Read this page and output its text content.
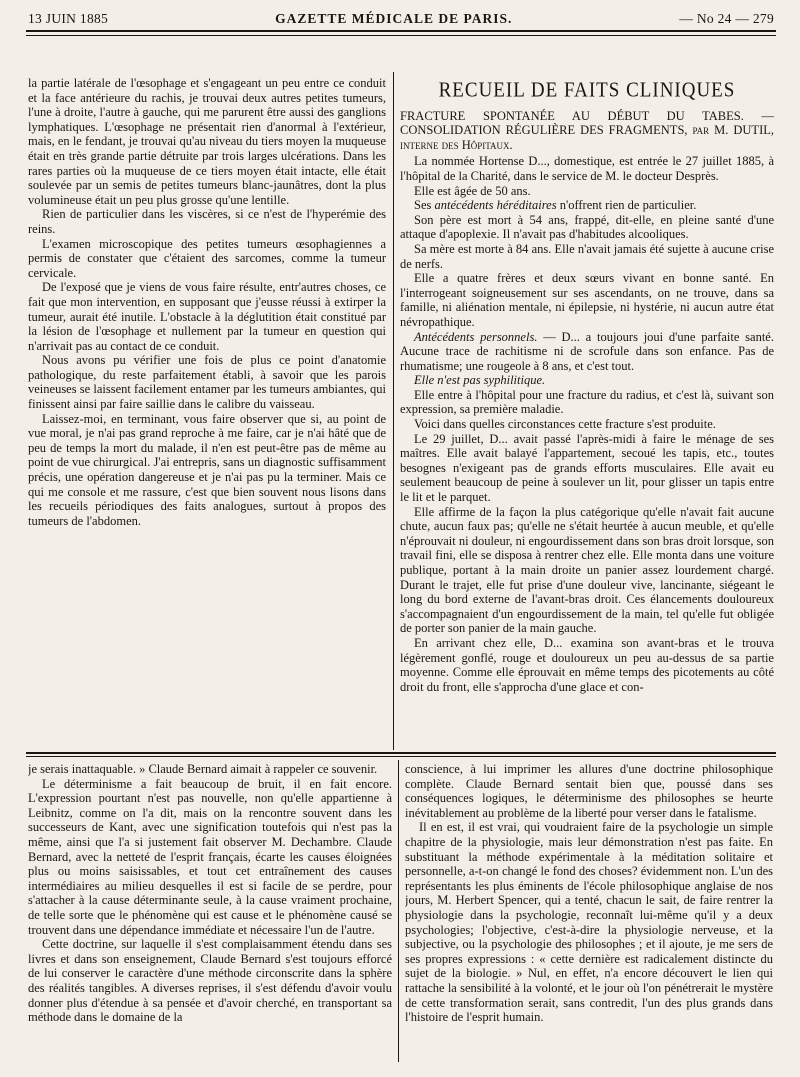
13 JUIN 1885	GAZETTE MÉDICALE DE PARIS.	— No 24 — 279

la partie latérale de l'œsophage et s'engageant un peu entre ce conduit et la face antérieure du rachis, je trouvai deux autres petites tumeurs, l'une à droite, l'autre à gauche, qui me parurent être aussi des ganglions lymphatiques. L'œsophage ne présentait rien d'anormal à l'extérieur, mais, en le fendant, je trouvai qu'au niveau du tiers moyen la muqueuse était en très grande partie détruite par trois larges ulcérations. Dans les rares parties où la muqueuse de ce tiers moyen était intacte, elle était soulevée par un semis de petites tumeurs blanc-jaunâtres, dont la plus volumineuse était un peu plus grosse qu'une lentille.

Rien de particulier dans les viscères, si ce n'est de l'hyperémie des reins.

L'examen microscopique des petites tumeurs œsophagiennes a permis de constater que c'étaient des sarcomes, comme la tumeur cervicale.

De l'exposé que je viens de vous faire résulte, entr'autres choses, ce fait que mon intervention, en supposant que j'eusse réussi à extirper la tumeur, aurait été inutile. L'obstacle à la déglutition était constitué par la lésion de l'œsophage et nullement par la tumeur en question qui n'arrivait pas au contact de ce conduit.

Nous avons pu vérifier une fois de plus ce point d'anatomie pathologique, du reste parfaitement établi, à savoir que les parois veineuses se laissent facilement entamer par les tumeurs ambiantes, qui finissent ainsi par faire saillie dans le calibre du vaisseau.

Laissez-moi, en terminant, vous faire observer que si, au point de vue moral, je n'ai pas grand reproche à me faire, car je n'ai hâté que de peu de temps la mort du malade, il n'en est peut-être pas de même au point de vue chirurgical. J'ai entrepris, sans un diagnostic suffisamment précis, une opération dangereuse et je n'ai pas pu la terminer. Mais ce qui me console et me rassure, c'est que bien souvent nous lisons dans les recueils périodiques des faits analogues, surtout à propos des tumeurs de l'abdomen.

RECUEIL DE FAITS CLINIQUES

FRACTURE SPONTANÉE AU DÉBUT DU TABES. — CONSOLIDATION RÉGULIÈRE DES FRAGMENTS, par M. DUTIL, interne des Hôpitaux.

La nommée Hortense D..., domestique, est entrée le 27 juillet 1885, à l'hôpital de la Charité, dans le service de M. le docteur Desprès.

Elle est âgée de 50 ans.

Ses antécédents héréditaires n'offrent rien de particulier.

Son père est mort à 54 ans, frappé, dit-elle, en pleine santé d'une attaque d'apoplexie. Il n'avait pas d'habitudes alcooliques.

Sa mère est morte à 84 ans. Elle n'avait jamais été sujette à aucune crise de nerfs.

Elle a quatre frères et deux sœurs vivant en bonne santé. En l'interrogeant soigneusement sur ses ascendants, on ne trouve, dans sa famille, ni aliénation mentale, ni épilepsie, ni hystérie, ni aucun autre état névropathique.

Antécédents personnels. — D... a toujours joui d'une parfaite santé. Aucune trace de rachitisme ni de scrofule dans son enfance. Pas de rhumatisme; une rougeole à 8 ans, et c'est tout.

Elle n'est pas syphilitique.

Elle entre à l'hôpital pour une fracture du radius, et c'est là, suivant son expression, sa première maladie.

Voici dans quelles circonstances cette fracture s'est produite.

Le 29 juillet, D... avait passé l'après-midi à faire le ménage de ses maîtres. Elle avait balayé l'appartement, secoué les tapis, etc., toutes besognes n'exigeant pas de grands efforts musculaires. Elle avait eu seulement beaucoup de peine à soulever un lit, pour glisser un tapis entre le lit et le parquet.

Elle affirme de la façon la plus catégorique qu'elle n'avait fait aucune chute, aucun faux pas; qu'elle ne s'était heurtée à aucun meuble, et qu'elle n'éprouvait ni douleur, ni engourdissement dans son bras droit lorsque, son travail fini, elle se disposa à rentrer chez elle. Elle monta dans une voiture publique, portant à la main droite un panier assez lourdement chargé. Durant le trajet, elle fut prise d'une douleur vive, lancinante, siégeant le long du bord externe de l'avant-bras droit. Ces élancements douloureux s'accompagnaient d'un engourdissement de la main, tel qu'elle fut obligée de porter son panier de la main gauche.

En arrivant chez elle, D... examina son avant-bras et le trouva légèrement gonflé, rouge et douloureux un peu au-dessus de sa partie moyenne. Comme elle éprouvait en même temps des picotements au côté droit du front, elle s'approcha d'une glace et con-

je serais inattaquable. » Claude Bernard aimait à rappeler ce souvenir.

Le déterminisme a fait beaucoup de bruit, il en fait encore. L'expression pourtant n'est pas nouvelle, non qu'elle appartienne à Leibnitz, comme on l'a dit, mais on la rencontre souvent dans les successeurs de Kant, avec une signification toutefois qui n'est pas la même, ainsi que l'a si justement fait observer M. Dechambre. Claude Bernard, avec la netteté de l'esprit français, écarte les causes éloignées plus ou moins saisissables, et tout cet entraînement des causes intermédiaires au milieu desquelles il est si facile de se perdre, pour s'attacher à la cause déterminante seule, à la cause vraiment prochaine, de telle sorte que le phénomène qui est cause et le phénomène causé se trouvent dans une dépendance immédiate et nécessaire l'un de l'autre.

Cette doctrine, sur laquelle il s'est complaisamment étendu dans ses livres et dans son enseignement, Claude Bernard s'est toujours efforcé de lui conserver le caractère d'une méthode circonscrite dans la sphère des réalités tangibles. A diverses reprises, il s'est défendu d'avoir voulu donner plus d'étendue à sa pensée et d'avoir cherché, en transportant sa méthode dans le domaine de la

conscience, à lui imprimer les allures d'une doctrine philosophique complète. Claude Bernard sentait bien que, poussé dans ses conséquences logiques, le déterminisme des philosophes se heurte inévitablement au problème de la liberté pour verser dans le fatalisme.

Il en est, il est vrai, qui voudraient faire de la psychologie un simple chapitre de la physiologie, mais leur démonstration n'est pas faite. En substituant la méthode expérimentale à la méditation solitaire et personnelle, a-t-on changé le fond des choses? évidemment non. L'un des représentants les plus éminents de l'école philosophique anglaise de nos jours, M. Herbert Spencer, qui a tenté, chacun le sait, de faire rentrer la physiologie dans la psychologie, reconnaît lui-même qu'il y a deux psychologies; l'objective, c'est-à-dire la physiologie nerveuse, et la subjective, ou la psychologie des philosophes ; et il ajoute, je me sers de ses propres expressions : « cette dernière est radicalement distincte du sujet de la biologie. » Nul, en effet, n'a encore découvert le lien qui rattache la sensibilité à la volonté, et le jour où l'on pénétrerait le mystère de cette transformation serait, sans contredit, l'un des plus grands dans l'histoire de l'esprit humain.
